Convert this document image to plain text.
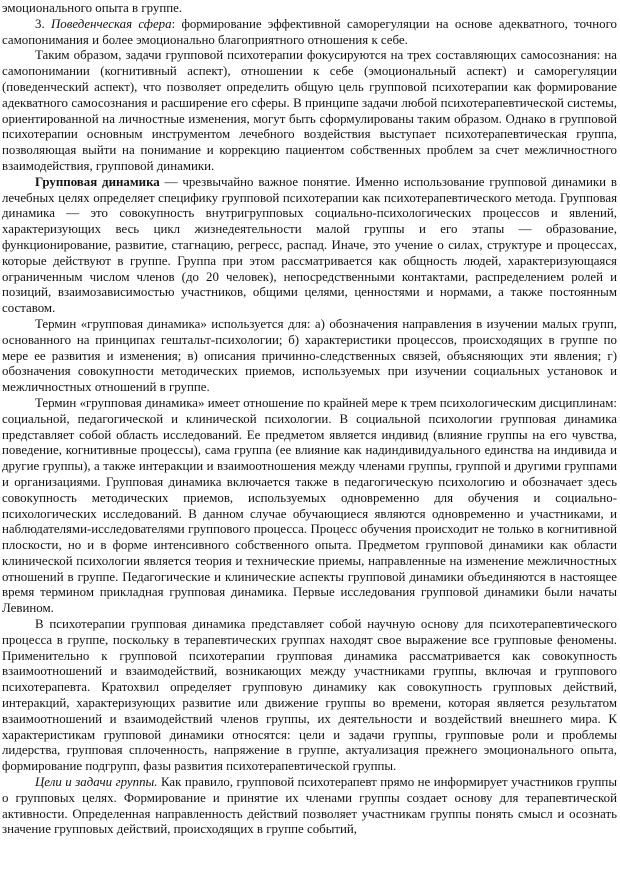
эмоционального опыта в группе.

3. Поведенческая сфера: формирование эффективной саморегуляции на основе адекватного, точного самопонимания и более эмоционально благоприятного отношения к себе.

Таким образом, задачи групповой психотерапии фокусируются на трех составляющих самосознания: на самопонимании (когнитивный аспект), отношении к себе (эмоциональный аспект) и саморегуляции (поведенческий аспект), что позволяет определить общую цель групповой психотерапии как формирование адекватного самосознания и расширение его сферы. В принципе задачи любой психотерапевтической системы, ориентированной на личностные изменения, могут быть сформулированы таким образом. Однако в групповой психотерапии основным инструментом лечебного воздействия выступает психотерапевтическая группа, позволяющая выйти на понимание и коррекцию пациентом собственных проблем за счет межличностного взаимодействия, групповой динамики.

Групповая динамика — чрезвычайно важное понятие. Именно использование групповой динамики в лечебных целях определяет специфику групповой психотерапии как психотерапевтического метода. Групповая динамика — это совокупность внутригрупповых социально-психологических процессов и явлений, характеризующих весь цикл жизнедеятельности малой группы и его этапы — образование, функционирование, развитие, стагнацию, регресс, распад. Иначе, это учение о силах, структуре и процессах, которые действуют в группе. Группа при этом рассматривается как общность людей, характеризующаяся ограниченным числом членов (до 20 человек), непосредственными контактами, распределением ролей и позиций, взаимозависимостью участников, общими целями, ценностями и нормами, а также постоянным составом.

Термин «групповая динамика» используется для: а) обозначения направления в изучении малых групп, основанного на принципах гештальт-психологии; б) характеристики процессов, происходящих в группе по мере ее развития и изменения; в) описания причинно-следственных связей, объясняющих эти явления; г) обозначения совокупности методических приемов, используемых при изучении социальных установок и межличностных отношений в группе.

Термин «групповая динамика» имеет отношение по крайней мере к трем психологическим дисциплинам: социальной, педагогической и клинической психологии. В социальной психологии групповая динамика представляет собой область исследований. Ее предметом является индивид (влияние группы на его чувства, поведение, когнитивные процессы), сама группа (ее влияние как надиндивидуального единства на индивида и другие группы), а также интеракции и взаимоотношения между членами группы, группой и другими группами и организациями. Групповая динамика включается также в педагогическую психологию и обозначает здесь совокупность методических приемов, используемых одновременно для обучения и социально-психологических исследований. В данном случае обучающиеся являются одновременно и участниками, и наблюдателями-исследователями группового процесса. Процесс обучения происходит не только в когнитивной плоскости, но и в форме интенсивного собственного опыта. Предметом групповой динамики как области клинической психологии является теория и технические приемы, направленные на изменение межличностных отношений в группе. Педагогические и клинические аспекты групповой динамики объединяются в настоящее время термином прикладная групповая динамика. Первые исследования групповой динамики были начаты Левином.

В психотерапии групповая динамика представляет собой научную основу для психотерапевтического процесса в группе, поскольку в терапевтических группах находят свое выражение все групповые феномены. Применительно к групповой психотерапии групповая динамика рассматривается как совокупность взаимоотношений и взаимодействий, возникающих между участниками группы, включая и группового психотерапевта. Кратохвил определяет групповую динамику как совокупность групповых действий, интеракций, характеризующих развитие или движение группы во времени, которая является результатом взаимоотношений и взаимодействий членов группы, их деятельности и воздействий внешнего мира. К характеристикам групповой динамики относятся: цели и задачи группы, групповые роли и проблемы лидерства, групповая сплоченность, напряжение в группе, актуализация прежнего эмоционального опыта, формирование подгрупп, фазы развития психотерапевтической группы.

Цели и задачи группы. Как правило, групповой психотерапевт прямо не информирует участников группы о групповых целях. Формирование и принятие их членами группы создает основу для терапевтической активности. Определенная направленность действий позволяет участникам группы понять смысл и осознать значение групповых действий, происходящих в группе событий,
